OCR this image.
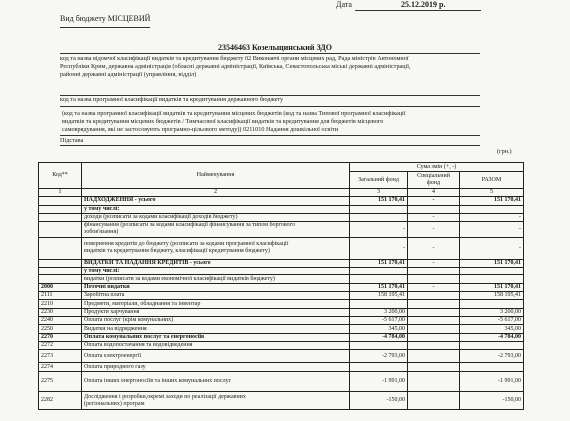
Дата	25.12.2019 р.
Вид бюджету МІСЦЕВИЙ
23546463 Козельщинський ЗДО
код та назва відомчої класифікації видатків та кредитування бюджету 02 Виконавчі органи місцевих рад, Рада міністрів Автономної
Республіки Крим, державна адміністрація (обласні державні адміністрації, Київська, Севастопольська міські державні адміністрації,
районні державні адміністрації (управління, відділ)
код та назва програмної класифікації видатків та кредитування державного бюджету
(код та назва програмної класифікації видатків та кредитування місцевих бюджетів (код та назва Типової програмної класифікації
видатків та кредитування місцевих бюджетів / Тимчасової класифікації видатків та кредитування для бюджетів місцевого
самоврядування, які не застосовують програмно-цільового методу)) 0211010 Надання дошкільної освіти
Підстава
(грн.)
Код**	Найменування	Сума змін (+, -)		
		Загальний фонд	Спеціальний фонд	РАЗОМ
1	2	3	4	5

	НАДХОДЖЕННЯ - усього	151 170,41	-	151 170,41

	у тому числі:			

	доходи (розписати за кодами класифікації доходів бюджету)		-	-

	фінансування (розписати за кодами класифікації фінансування за типом боргового
зобов'язання)	-	-	-

	повернення кредитів до бюджету (розписати за кодами програмної класифікації
видатків та кредитування бюджету, класифікації кредитування бюджету)	-	-	-

	ВИДАТКИ ТА НАДАННЯ КРЕДИТІВ - усього	151 170,41	-	151 170,41

	у тому числі:			

	видатки (розписати за кодами економічної класифікації видатків бюджету)			

2000	Поточні видатки	151 170,41	-	151 170,41
2111	Заробітна плата	158 195,41		158 195,41
2210	Предмети, матеріали, обладнання та інвентар			

2230	Продукти харчування	3 200,00		3 200,00
2240	Оплата послуг (крім комунальних)	-5 617,00		-5 617,00
2250	Видатки на відрядження	345,00		345,00
2270	Оплата комунальних послуг та енергоносіїв	-4 784,00		-4 784,00
2272	Оплата водопостачання та водовідведення			

2273	Оплата електроенергії	-2 793,00		-2 793,00
2274	Оплата природного газу			

2275	Оплата інших енергоносіїв та інших комунальних послуг	-1 991,00		-1 991,00
2282	Дослідження і розробки,окремі заходи по реалізації державних
(регіональних) програм	-150,00		-150,00
